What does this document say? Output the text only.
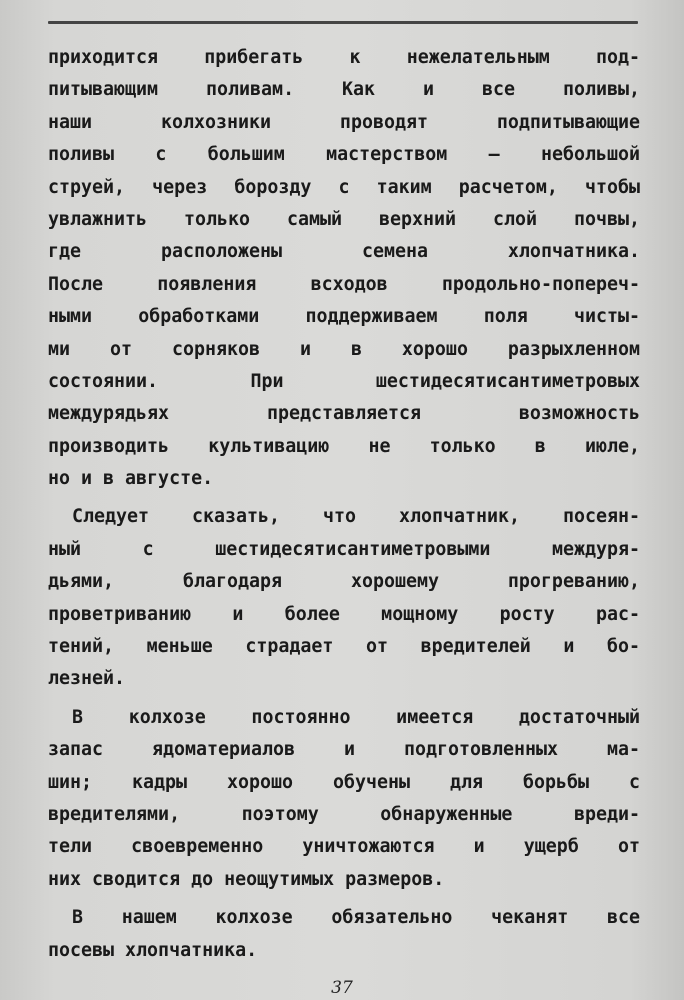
приходится прибегать к нежелательным под-
питывающим поливам. Как и все поливы,
наши колхозники проводят подпитывающие
поливы с большим мастерством — небольшой
струей, через борозду с таким расчетом, чтобы
увлажнить только самый верхний слой почвы,
где расположены семена хлопчатника.
После появления всходов продольно-попереч-
ными обработками поддерживаем поля чисты-
ми от сорняков и в хорошо разрыхленном
состоянии. При шестидесятисантиметровых
междурядьях представляется возможность
производить культивацию не только в июле,
но и в августе.
Следует сказать, что хлопчатник, посеян-
ный с шестидесятисантиметровыми междуря-
дьями, благодаря хорошему прогреванию,
проветриванию и более мощному росту рас-
тений, меньше страдает от вредителей и бо-
лезней.
В колхозе постоянно имеется достаточный
запас ядоматериалов и подготовленных ма-
шин; кадры хорошо обучены для борьбы с
вредителями, поэтому обнаруженные вреди-
тели своевременно уничтожаются и ущерб от
них сводится до неощутимых размеров.
В нашем колхозе обязательно чеканят все
посевы хлопчатника.
37
